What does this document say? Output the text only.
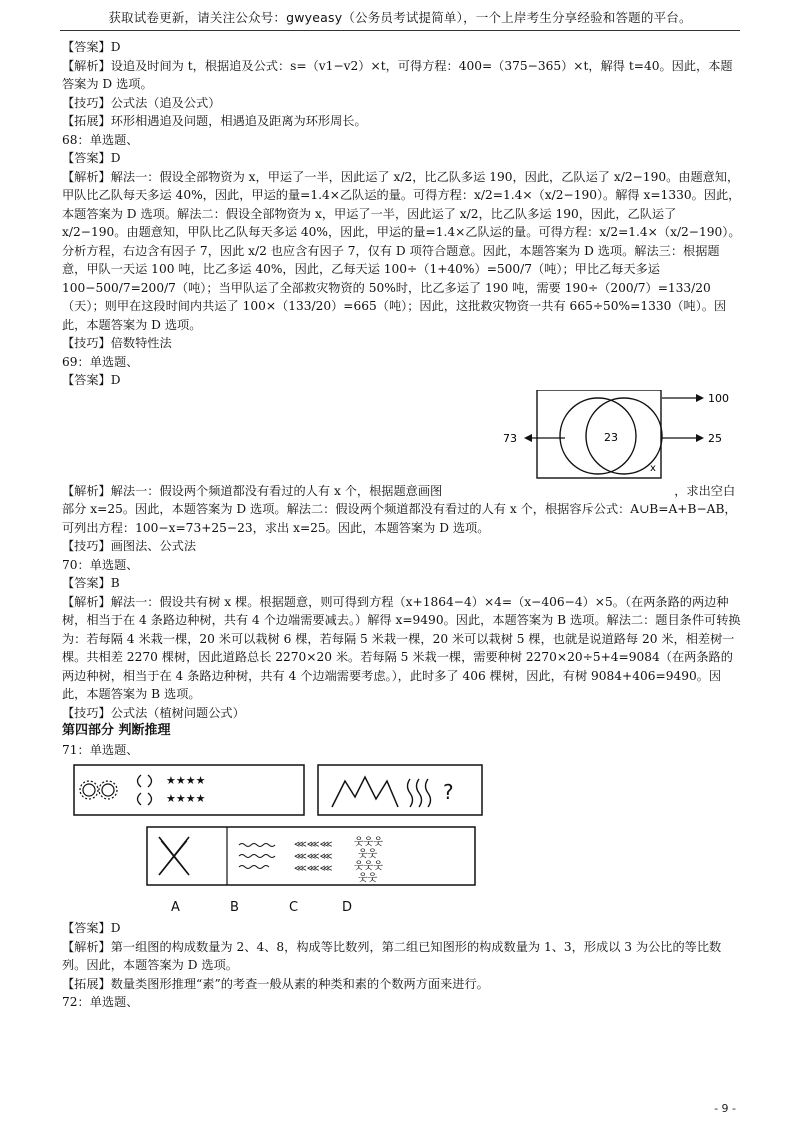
获取试卷更新，请关注公众号：gwyeasy（公务员考试提简单），一个上岸考生分享经验和答题的平台。

【答案】D

【解析】设追及时间为 t，根据追及公式：s=（v1−v2）×t，可得方程：400=（375−365）×t，解得 t=40。因此，本题答案为 D 选项。

【技巧】公式法（追及公式）

【拓展】环形相遇追及问题，相遇追及距离为环形周长。

68：单选题、

【答案】D

【解析】解法一：假设全部物资为 x，甲运了一半，因此运了 x/2，比乙队多运 190，因此，乙队运了 x/2−190。由题意知，甲队比乙队每天多运 40%，因此，甲运的量=1.4×乙队运的量。可得方程：x/2=1.4×（x/2−190）。解得 x=1330。因此，本题答案为 D 选项。解法二：假设全部物资为 x，甲运了一半，因此运了 x/2，比乙队多运 190，因此，乙队运了 x/2−190。由题意知，甲队比乙队每天多运 40%，因此，甲运的量=1.4×乙队运的量。可得方程：x/2=1.4×（x/2−190）。分析方程，右边含有因子 7，因此 x/2 也应含有因子 7，仅有 D 项符合题意。因此，本题答案为 D 选项。解法三：根据题意，甲队一天运 100 吨，比乙多运 40%，因此，乙每天运 100÷（1+40%）=500/7（吨）；甲比乙每天多运 100−500/7=200/7（吨）；当甲队运了全部救灾物资的 50%时，比乙多运了 190 吨，需要 190÷（200/7）=133/20（天）；则甲在这段时间内共运了 100×（133/20）=665（吨）；因此，这批救灾物资一共有 665÷50%=1330（吨）。因此，本题答案为 D 选项。

【技巧】倍数特性法

69：单选题、

【答案】D

100
25
73	23
x

【解析】解法一：假设两个频道都没有看过的人有 x 个，根据题意画图	，求出空白部分 x=25。因此，本题答案为 D 选项。解法二：假设两个频道都没有看过的人有 x 个，根据容斥公式：A∪B=A+B−AB，可列出方程：100−x=73+25−23，求出 x=25。因此，本题答案为 D 选项。

【技巧】画图法、公式法

70：单选题、

【答案】B

【解析】解法一：假设共有树 x 棵。根据题意，则可得到方程（x+1864−4）×4=（x−406−4）×5。（在两条路的两边种树，相当于在 4 条路边种树，共有 4 个边端需要减去。）解得 x=9490。因此，本题答案为 B 选项。解法二：题目条件可转换为：若每隔 4 米栽一棵，20 米可以栽树 6 棵，若每隔 5 米栽一棵，20 米可以栽树 5 棵，也就是说道路每 20 米，相差树一棵。共相差 2270 棵树，因此道路总长 2270×20 米。若每隔 5 米栽一棵，需要种树 2270×20÷5+4=9084（在两条路的两边种树，相当于在 4 条路边种树，共有 4 个边端需要考虑。），此时多了 406 棵树，因此，有树 9084+406=9490。因此，本题答案为 B 选项。

【技巧】公式法（植树问题公式）

第四部分 判断推理

71：单选题、

★★★★
★★★★	?
⋘⋘⋘
⋘⋘⋘
⋘⋘⋘
웃웃웃
웃웃
웃웃웃
웃웃
A	B	C	D

【答案】D

【解析】第一组图的构成数量为 2、4、8，构成等比数列，第二组已知图形的构成数量为 1、3，形成以 3 为公比的等比数列。因此，本题答案为 D 选项。

【拓展】数量类图形推理“素”的考查一般从素的种类和素的个数两方面来进行。

72：单选题、

- 9 -
